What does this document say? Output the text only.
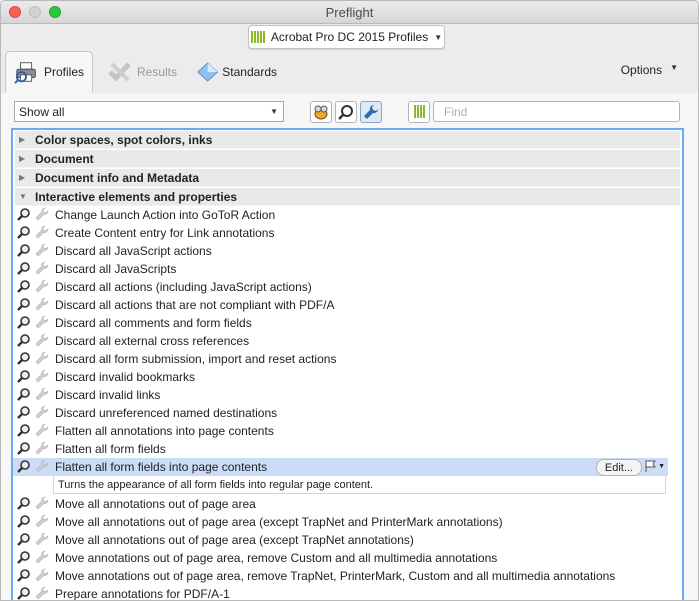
Preflight
Acrobat Pro DC 2015 Profiles ▼
Profiles	Results	Standards	Options ▼
Show all	▼
Find
▶ Color spaces, spot colors, inks
▶ Document
▶ Document info and Metadata
▼ Interactive elements and properties
Change Launch Action into GoToR Action
Create Content entry for Link annotations
Discard all JavaScript actions
Discard all JavaScripts
Discard all actions (including JavaScript actions)
Discard all actions that are not compliant with PDF/A
Discard all comments and form fields
Discard all external cross references
Discard all form submission, import and reset actions
Discard invalid bookmarks
Discard invalid links
Discard unreferenced named destinations
Flatten all annotations into page contents
Flatten all form fields
Flatten all form fields into page contents	Edit...	▼
Turns the appearance of all form fields into regular page content.
Move all annotations out of page area
Move all annotations out of page area (except TrapNet and PrinterMark annotations)
Move all annotations out of page area (except TrapNet annotations)
Move annotations out of page area, remove Custom and all multimedia annotations
Move annotations out of page area, remove TrapNet, PrinterMark, Custom and all multimedia annotations
Prepare annotations for PDF/A-1
